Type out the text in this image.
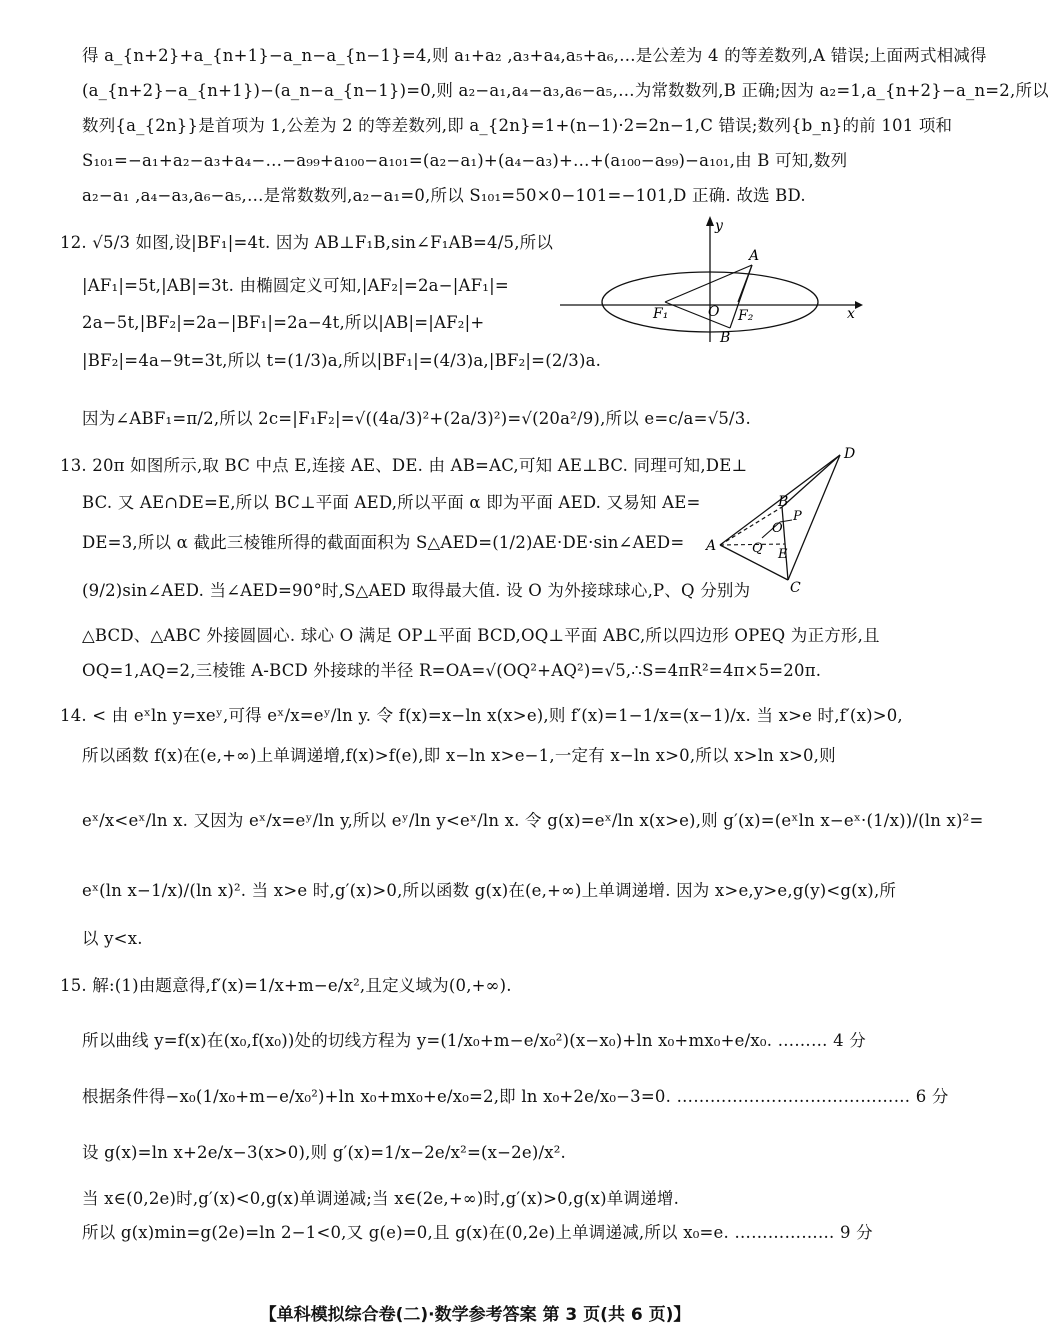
得 a_{n+2}+a_{n+1}−a_n−a_{n−1}=4,则 a₁+a₂ ,a₃+a₄,a₅+a₆,…是公差为 4 的等差数列,A 错误;上面两式相减得
(a_{n+2}−a_{n+1})−(a_n−a_{n−1})=0,则 a₂−a₁,a₄−a₃,a₆−a₅,…为常数数列,B 正确;因为 a₂=1,a_{n+2}−a_n=2,所以
数列{a_{2n}}是首项为 1,公差为 2 的等差数列,即 a_{2n}=1+(n−1)·2=2n−1,C 错误;数列{b_n}的前 101 项和
S₁₀₁=−a₁+a₂−a₃+a₄−…−a₉₉+a₁₀₀−a₁₀₁=(a₂−a₁)+(a₄−a₃)+…+(a₁₀₀−a₉₉)−a₁₀₁,由 B 可知,数列
a₂−a₁ ,a₄−a₃,a₆−a₅,…是常数数列,a₂−a₁=0,所以 S₁₀₁=50×0−101=−101,D 正确. 故选 BD.
12. √5/3 如图,设|BF₁|=4t. 因为 AB⊥F₁B,sin∠F₁AB=4/5,所以
|AF₁|=5t,|AB|=3t. 由椭圆定义可知,|AF₂|=2a−|AF₁|=
2a−5t,|BF₂|=2a−|BF₁|=2a−4t,所以|AB|=|AF₂|+
|BF₂|=4a−9t=3t,所以 t=(1/3)a,所以|BF₁|=(4/3)a,|BF₂|=(2/3)a.
因为∠ABF₁=π/2,所以 2c=|F₁F₂|=√((4a/3)²+(2a/3)²)=√(20a²/9),所以 e=c/a=√5/3.
y
A
F₁	O F₂
B
x
13. 20π 如图所示,取 BC 中点 E,连接 AE、DE. 由 AB=AC,可知 AE⊥BC. 同理可知,DE⊥
BC. 又 AE∩DE=E,所以 BC⊥平面 AED,所以平面 α 即为平面 AED. 又易知 AE=
DE=3,所以 α 截此三棱锥所得的截面面积为 S△AED=(1/2)AE·DE·sin∠AED=
(9/2)sin∠AED. 当∠AED=90°时,S△AED 取得最大值. 设 O 为外接球球心,P、Q 分别为
△BCD、△ABC 外接圆圆心. 球心 O 满足 OP⊥平面 BCD,OQ⊥平面 ABC,所以四边形 OPEQ 为正方形,且
OQ=1,AQ=2,三棱锥 A-BCD 外接球的半径 R=OA=√(OQ²+AQ²)=√5,∴S=4πR²=4π×5=20π.
D
B
P
O
A	Q E
C
14. < 由 eˣln y=xeʸ,可得 eˣ/x=eʸ/ln y. 令 f(x)=x−ln x(x>e),则 f′(x)=1−1/x=(x−1)/x. 当 x>e 时,f′(x)>0,
所以函数 f(x)在(e,+∞)上单调递增,f(x)>f(e),即 x−ln x>e−1,一定有 x−ln x>0,所以 x>ln x>0,则
eˣ/x<eˣ/ln x. 又因为 eˣ/x=eʸ/ln y,所以 eʸ/ln y<eˣ/ln x. 令 g(x)=eˣ/ln x(x>e),则 g′(x)=(eˣln x−eˣ·(1/x))/(ln x)²=
eˣ(ln x−1/x)/(ln x)². 当 x>e 时,g′(x)>0,所以函数 g(x)在(e,+∞)上单调递增. 因为 x>e,y>e,g(y)<g(x),所
以 y<x.
15. 解:(1)由题意得,f′(x)=1/x+m−e/x²,且定义域为(0,+∞).
所以曲线 y=f(x)在(x₀,f(x₀))处的切线方程为 y=(1/x₀+m−e/x₀²)(x−x₀)+ln x₀+mx₀+e/x₀. ……… 4 分
根据条件得−x₀(1/x₀+m−e/x₀²)+ln x₀+mx₀+e/x₀=2,即 ln x₀+2e/x₀−3=0. …………………………………… 6 分
设 g(x)=ln x+2e/x−3(x>0),则 g′(x)=1/x−2e/x²=(x−2e)/x².
当 x∈(0,2e)时,g′(x)<0,g(x)单调递减;当 x∈(2e,+∞)时,g′(x)>0,g(x)单调递增.
所以 g(x)min=g(2e)=ln 2−1<0,又 g(e)=0,且 g(x)在(0,2e)上单调递减,所以 x₀=e. ……………… 9 分
【单科模拟综合卷(二)·数学参考答案 第 3 页(共 6 页)】
